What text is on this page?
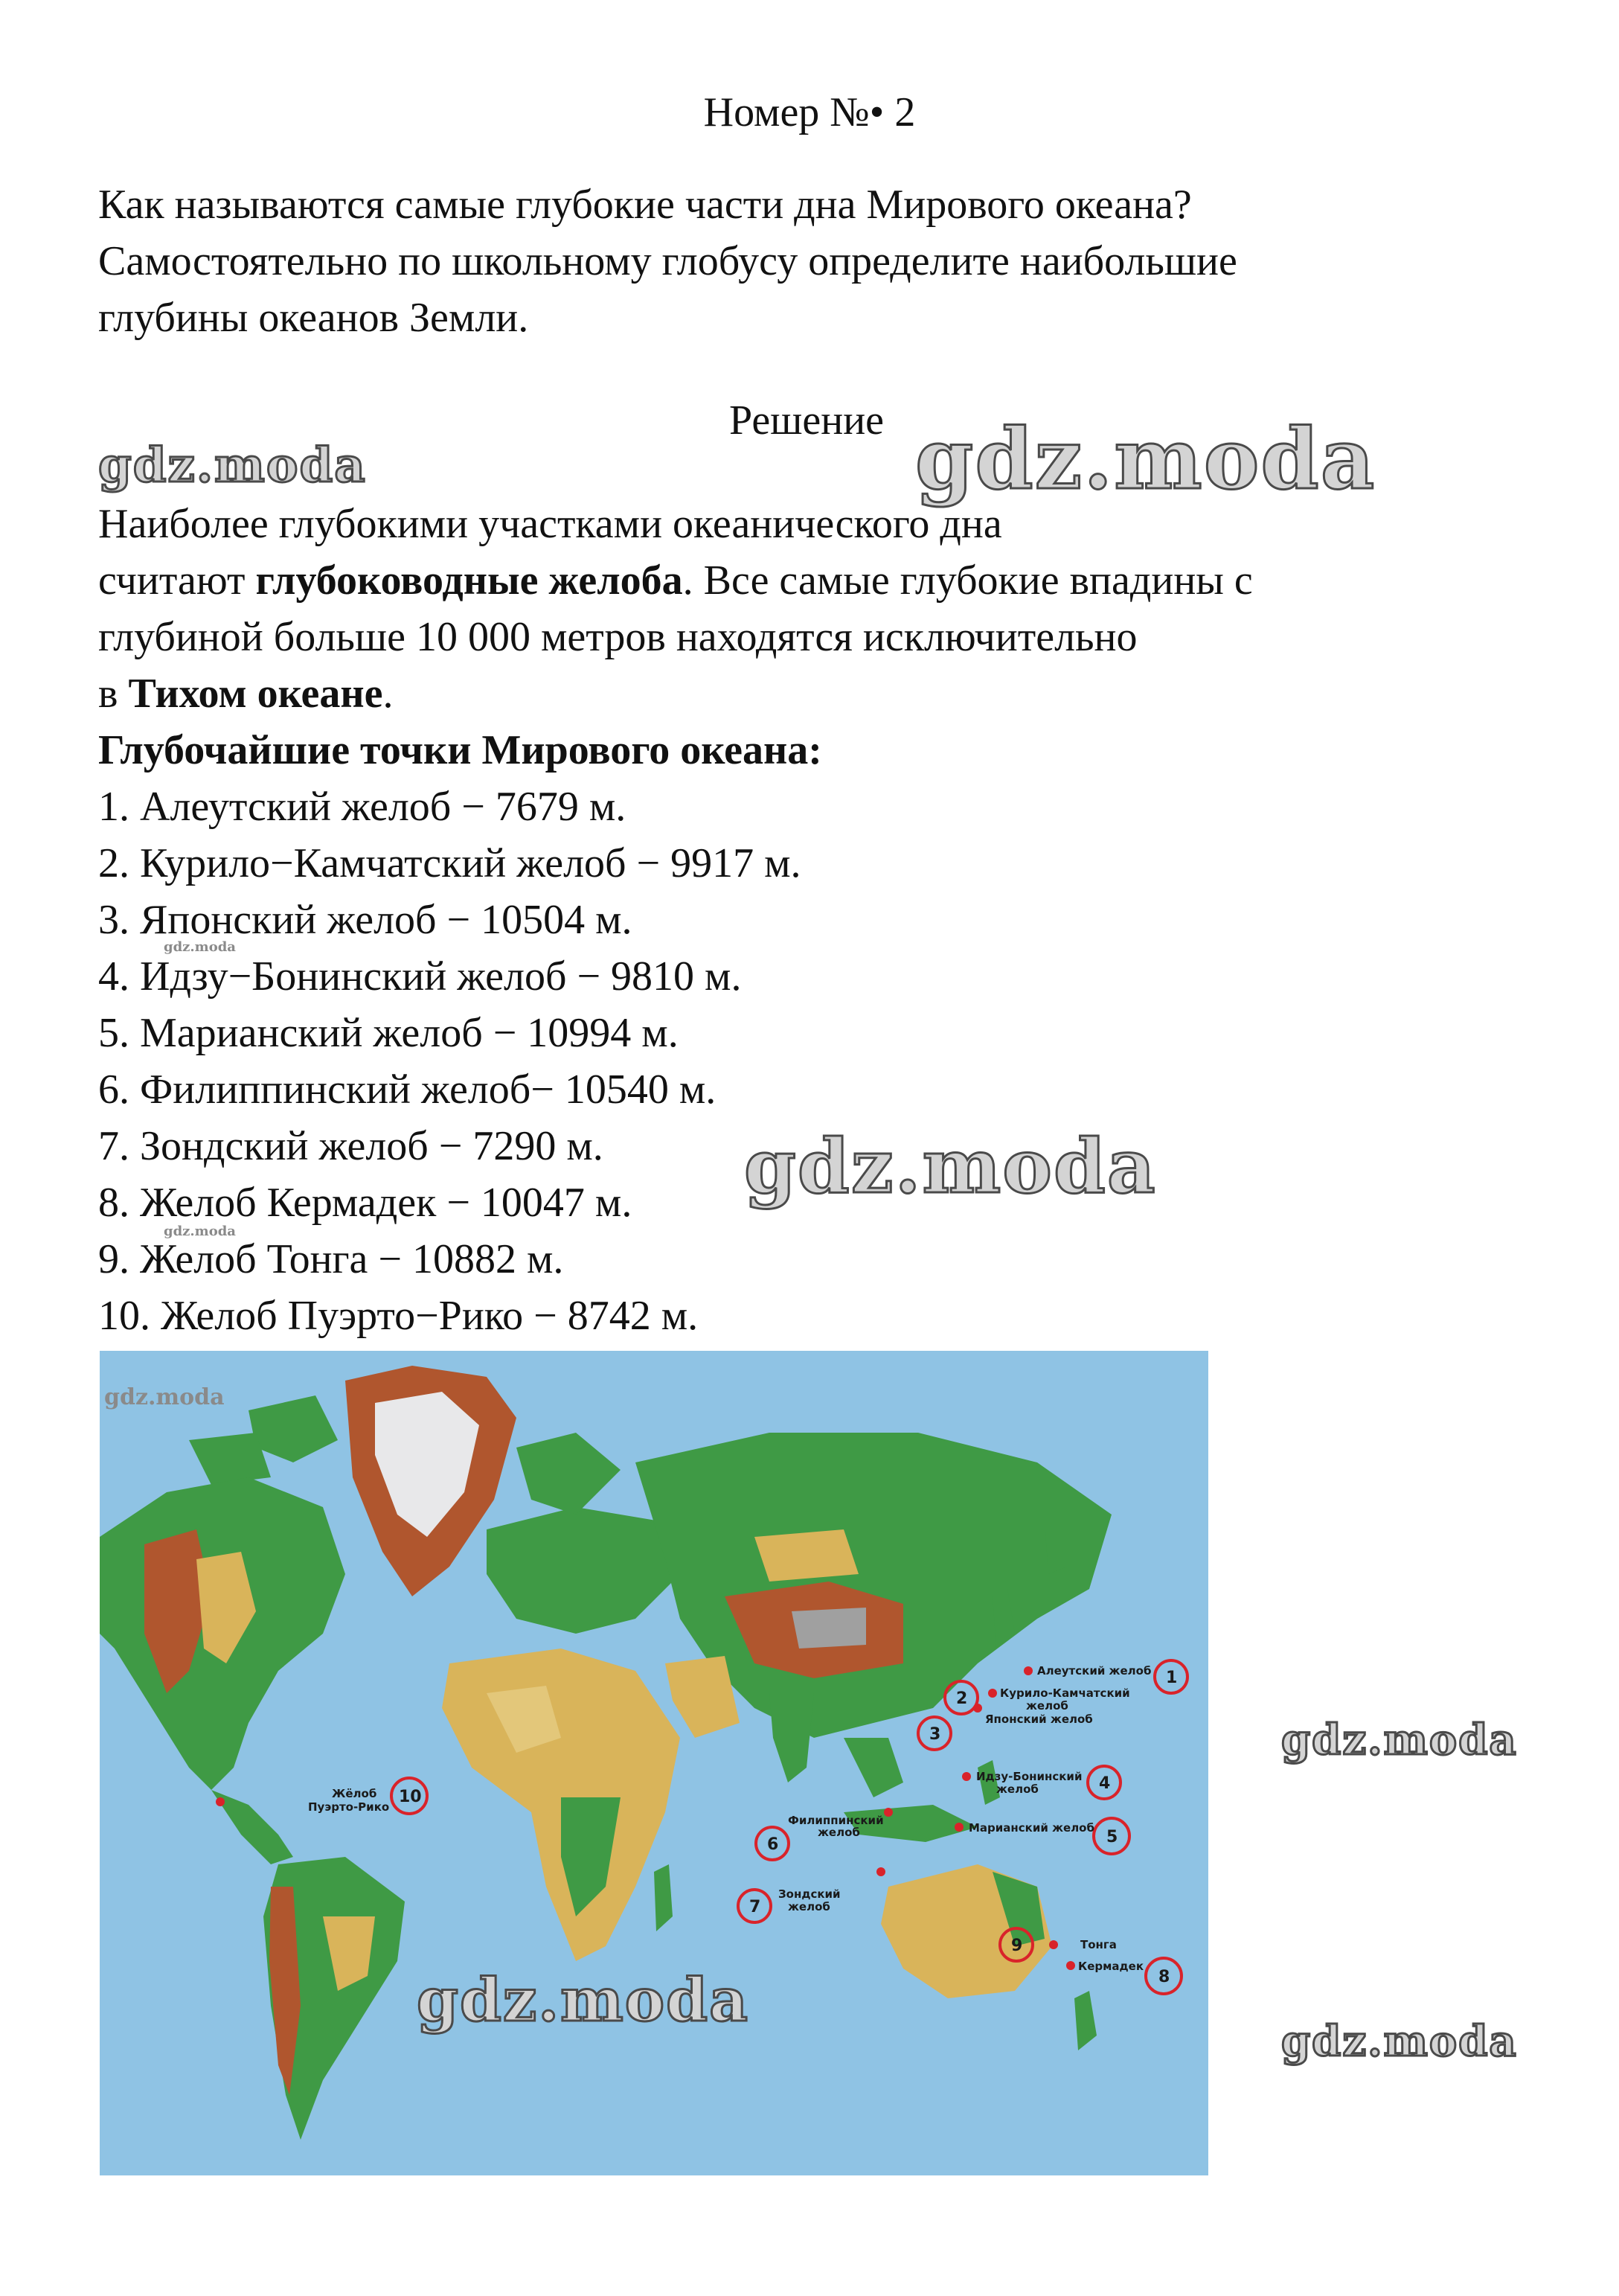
Номер №• 2
Как называются самые глубокие части дна Мирового океана?
Самостоятельно по школьному глобусу определите наибольшие
глубины океанов Земли.
Решение
Наиболее глубокими участками океанического дна
считают глубоководные желоба. Все самые глубокие впадины с
глубиной больше 10 000 метров находятся исключительно
в Тихом океане.
Глубочайшие точки Мирового океана:
1. Алеутский желоб − 7679 м.
2. Курило−Камчатский желоб − 9917 м.
3. Японский желоб − 10504 м.
4. Идзу−Бонинский желоб − 9810 м.
5. Марианский желоб − 10994 м.
6. Филиппинский желоб− 10540 м.
7. Зондский желоб − 7290 м.
8. Желоб Кермадек − 10047 м.
9. Желоб Тонга − 10882 м.
10. Желоб Пуэрто−Рико − 8742 м.
1
2
3
4
5
6
7
9
8
10
Алеутский желоб
Курило-Камчатский
желоб
Японский желоб
Идзу-Бонинский
желоб
Марианский желоб
Филиппинский
желоб
Зондский
желоб
Тонга
Кермадек
Жёлоб
Пуэрто-Рико
gdz.moda	gdz.moda
gdz.moda
gdz.moda
gdz.moda
gdz.moda
gdz.moda
gdz.moda
gdz.moda
